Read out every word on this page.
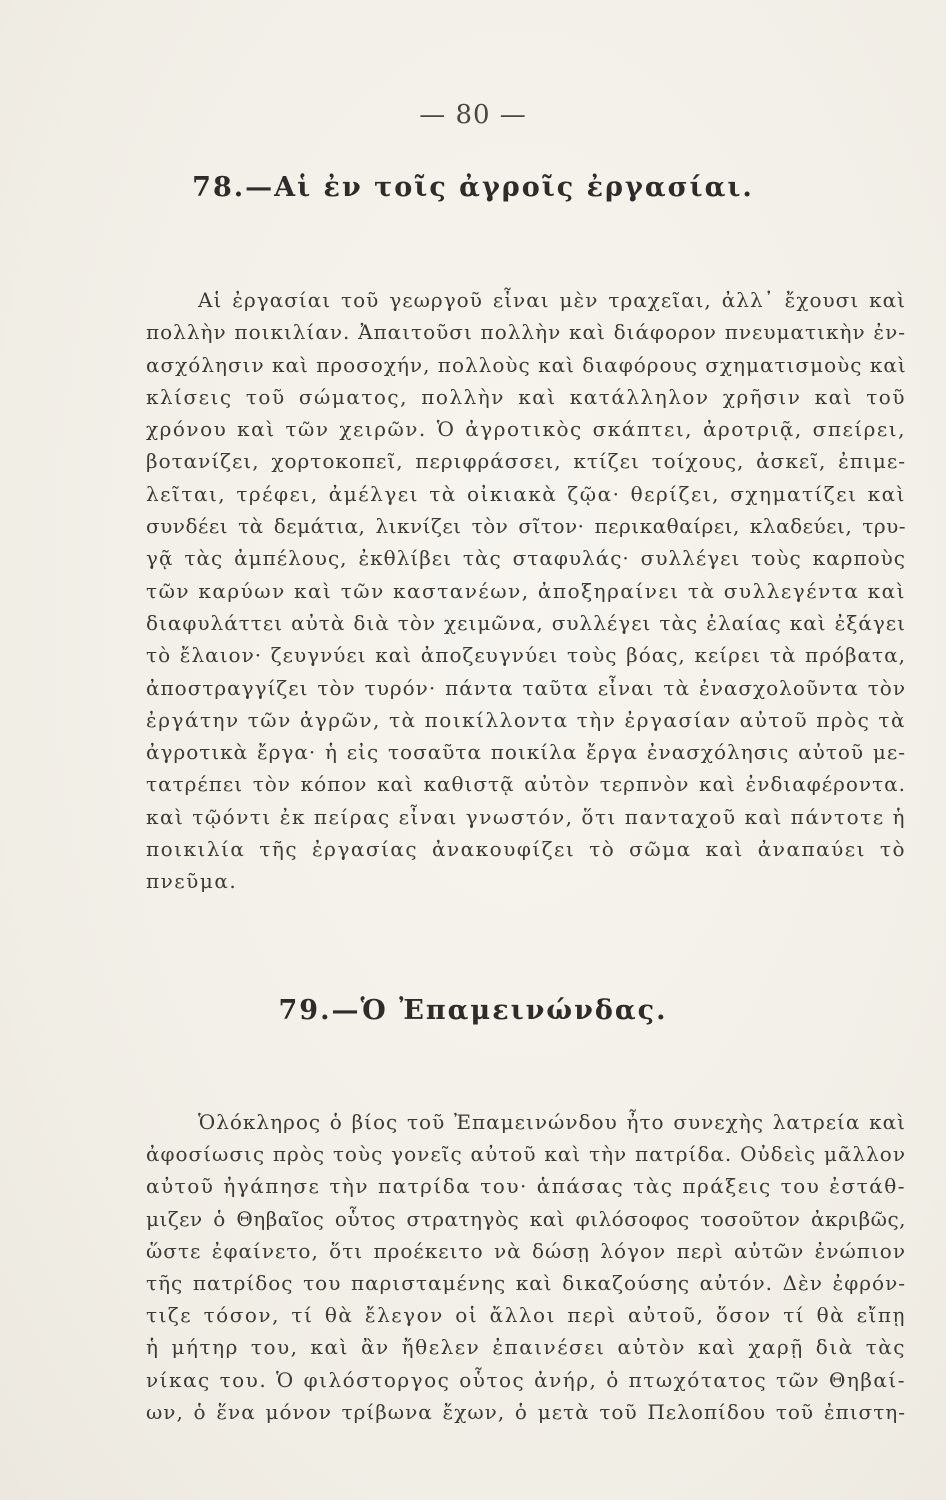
— 80 —
78.—Αἱ ἐν τοῖς ἀγροῖς ἐργασίαι.
Αἱ ἐργασίαι τοῦ γεωργοῦ εἶναι μὲν τραχεῖαι, ἀλλ᾽ ἔχουσι καὶ
πολλὴν ποικιλίαν. Ἀπαιτοῦσι πολλὴν καὶ διάφορον πνευματικὴν ἐν-
ασχόλησιν καὶ προσοχήν, πολλοὺς καὶ διαφόρους σχηματισμοὺς καὶ
κλίσεις τοῦ σώματος, πολλὴν καὶ κατάλληλον χρῆσιν καὶ τοῦ
χρόνου καὶ τῶν χειρῶν. Ὁ ἀγροτικὸς σκάπτει, ἀροτριᾷ, σπείρει,
βοτανίζει, χορτοκοπεῖ, περιφράσσει, κτίζει τοίχους, ἀσκεῖ, ἐπιμε-
λεῖται, τρέφει, ἀμέλγει τὰ οἰκιακὰ ζῷα· θερίζει, σχηματίζει καὶ
συνδέει τὰ δεμάτια, λικνίζει τὸν σῖτον· περικαθαίρει, κλαδεύει, τρυ-
γᾷ τὰς ἀμπέλους, ἐκθλίβει τὰς σταφυλάς· συλλέγει τοὺς καρποὺς
τῶν καρύων καὶ τῶν καστανέων, ἀποξηραίνει τὰ συλλεγέντα καὶ
διαφυλάττει αὐτὰ διὰ τὸν χειμῶνα, συλλέγει τὰς ἐλαίας καὶ ἐξάγει
τὸ ἔλαιον· ζευγνύει καὶ ἀποζευγνύει τοὺς βόας, κείρει τὰ πρόβατα,
ἀποστραγγίζει τὸν τυρόν· πάντα ταῦτα εἶναι τὰ ἐνασχολοῦντα τὸν
ἐργάτην τῶν ἀγρῶν, τὰ ποικίλλοντα τὴν ἐργασίαν αὐτοῦ πρὸς τὰ
ἀγροτικὰ ἔργα· ἡ εἰς τοσαῦτα ποικίλα ἔργα ἐνασχόλησις αὐτοῦ με-
τατρέπει τὸν κόπον καὶ καθιστᾷ αὐτὸν τερπνὸν καὶ ἐνδιαφέροντα.
καὶ τῷόντι ἐκ πείρας εἶναι γνωστόν, ὅτι πανταχοῦ καὶ πάντοτε ἡ
ποικιλία τῆς ἐργασίας ἀνακουφίζει τὸ σῶμα καὶ ἀναπαύει τὸ
πνεῦμα.
79.—Ὁ Ἐπαμεινώνδας.
Ὁλόκληρος ὁ βίος τοῦ Ἐπαμεινώνδου ἦτο συνεχὴς λατρεία καὶ
ἀφοσίωσις πρὸς τοὺς γονεῖς αὐτοῦ καὶ τὴν πατρίδα. Οὐδεὶς μᾶλλον
αὐτοῦ ἠγάπησε τὴν πατρίδα του· ἁπάσας τὰς πράξεις του ἐστάθ-
μιζεν ὁ Θηβαῖος οὗτος στρατηγὸς καὶ φιλόσοφος τοσοῦτον ἀκριβῶς,
ὥστε ἐφαίνετο, ὅτι προέκειτο νὰ δώσῃ λόγον περὶ αὐτῶν ἐνώπιον
τῆς πατρίδος του παρισταμένης καὶ δικαζούσης αὐτόν. Δὲν ἐφρόν-
τιζε τόσον, τί θὰ ἔλεγον οἱ ἄλλοι περὶ αὐτοῦ, ὅσον τί θὰ εἴπῃ
ἡ μήτηρ του, καὶ ἂν ἤθελεν ἐπαινέσει αὐτὸν καὶ χαρῇ διὰ τὰς
νίκας του. Ὁ φιλόστοργος οὗτος ἀνήρ, ὁ πτωχότατος τῶν Θηβαί-
ων, ὁ ἕνα μόνον τρίβωνα ἔχων, ὁ μετὰ τοῦ Πελοπίδου τοῦ ἐπιστη-
